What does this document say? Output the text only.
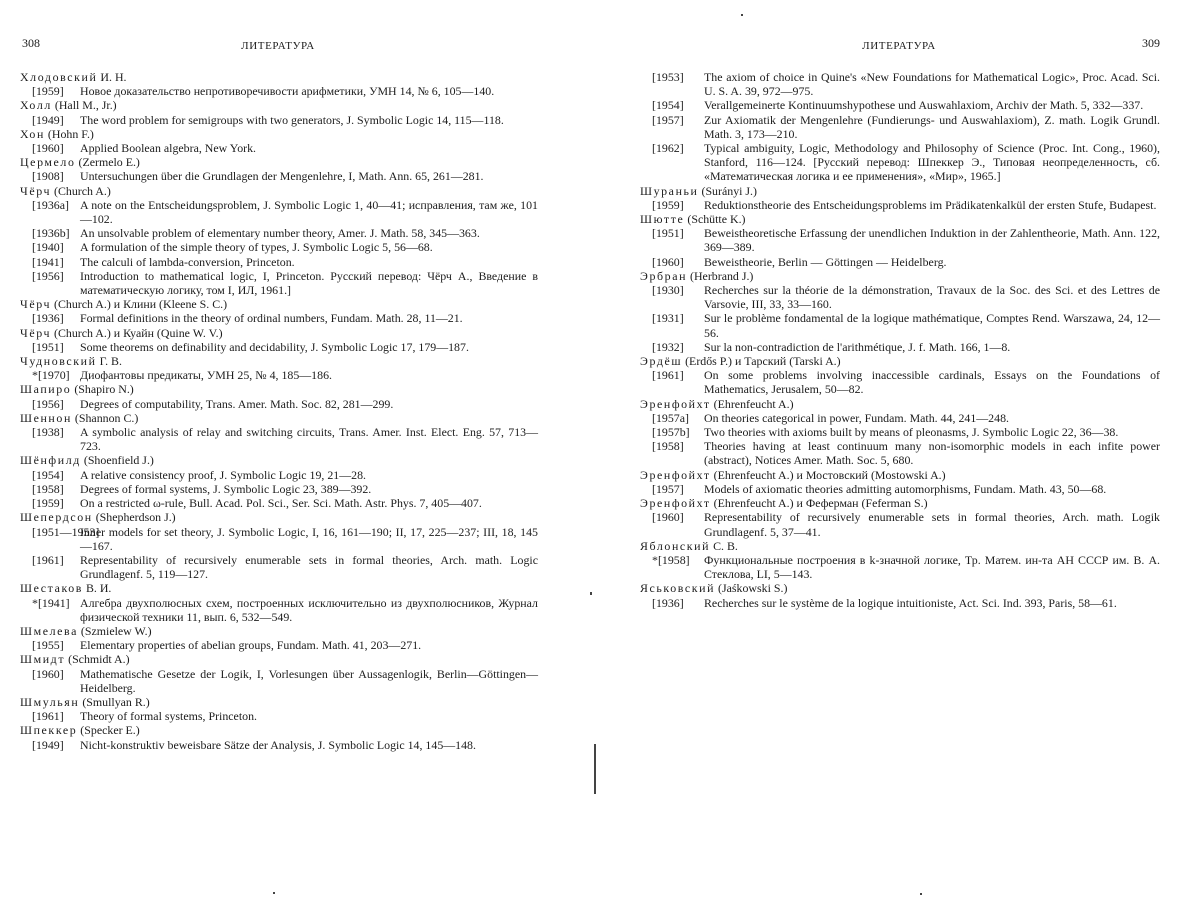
308	ЛИТЕРАТУРА
Хлодовский И. Н.
[1959]	Новое доказательство непротиворечивости арифметики, УМН 14, № 6, 105—140.
Холл (Hall M., Jr.)
[1949]	The word problem for semigroups with two generators, J. Symbolic Logic 14, 115—118.
Хон (Hohn F.)
[1960]	Applied Boolean algebra, New York.
Цермело (Zermelo E.)
[1908]	Untersuchungen über die Grundlagen der Mengenlehre, I, Math. Ann. 65, 261—281.
Чёрч (Church A.)
[1936a] A note on the Entscheidungsproblem, J. Symbolic Logic 1, 40—41; исправления, там же, 101—102.
[1936b] An unsolvable problem of elementary number theory, Amer. J. Math. 58, 345—363.
[1940]	A formulation of the simple theory of types, J. Symbolic Logic 5, 56—68.
[1941]	The calculi of lambda-conversion, Princeton.
[1956]	Introduction to mathematical logic, I, Princeton. Русский перевод: Чёрч А., Введение в математическую логику, том I, ИЛ, 1961.]
Чёрч (Church A.) и Клини (Kleene S. C.)
[1936]	Formal definitions in the theory of ordinal numbers, Fundam. Math. 28, 11—21.
Чёрч (Church A.) и Куайн (Quine W. V.)
[1951]	Some theorems on definability and decidability, J. Symbolic Logic 17, 179—187.
Чудновский Г. В.
*[1970] Диофантовы предикаты, УМН 25, № 4, 185—186.
Шапиро (Shapiro N.)
[1956]	Degrees of computability, Trans. Amer. Math. Soc. 82, 281—299.
Шеннон (Shannon C.)
[1938]	A symbolic analysis of relay and switching circuits, Trans. Amer. Inst. Elect. Eng. 57, 713—723.
Шёнфилд (Shoenfield J.)
[1954]	A relative consistency proof, J. Symbolic Logic 19, 21—28.
[1958]	Degrees of formal systems, J. Symbolic Logic 23, 389—392.
[1959]	On a restricted ω-rule, Bull. Acad. Pol. Sci., Ser. Sci. Math. Astr. Phys. 7, 405—407.
Шепердсон (Shepherdson J.)
[1951—1953]
Inner models for set theory, J. Symbolic Logic, I, 16, 161—190; II, 17, 225—237; III, 18, 145—167.
[1961]	Representability of recursively enumerable sets in formal theories, Arch. math. Logic Grundlagenf. 5, 119—127.
Шестаков В. И.
*[1941] Алгебра двухполюсных схем, построенных исключительно из двухполюсников, Журнал физической техники 11, вып. 6, 532—549.
Шмелева (Szmielew W.)
[1955]	Elementary properties of abelian groups, Fundam. Math. 41, 203—271.
Шмидт (Schmidt A.)
[1960]	Mathematische Gesetze der Logik, I, Vorlesungen über Aussagenlogik, Berlin—Göttingen—Heidelberg.
Шмульян (Smullyan R.)
[1961]	Theory of formal systems, Princeton.
Шпеккер (Specker E.)
[1949]	Nicht-konstruktiv beweisbare Sätze der Analysis, J. Symbolic Logic 14, 145—148.
ЛИТЕРАТУРА	309
[1953]	The axiom of choice in Quine's «New Foundations for Mathematical Logic», Proc. Acad. Sci. U. S. A. 39, 972—975.
[1954]	Verallgemeinerte Kontinuumshypothese und Auswahlaxiom, Archiv der Math. 5, 332—337.
[1957]	Zur Axiomatik der Mengenlehre (Fundierungs- und Auswahlaxiom), Z. math. Logik Grundl. Math. 3, 173—210.
[1962]	Typical ambiguity, Logic, Methodology and Philosophy of Science (Proc. Int. Cong., 1960), Stanford, 116—124. [Русский перевод: Шпеккер Э., Типовая неопределенность, сб. «Математическая логика и ее применения», «Мир», 1965.]
Шураньи (Surányi J.)
[1959]	Reduktionstheorie des Entscheidungsproblems im Prädikatenkalkül der ersten Stufe, Budapest.
Шютте (Schütte K.)
[1951]	Beweistheoretische Erfassung der unendlichen Induktion in der Zahlentheorie, Math. Ann. 122, 369—389.
[1960]	Beweistheorie, Berlin — Göttingen — Heidelberg.
Эрбран (Herbrand J.)
[1930]	Recherches sur la théorie de la démonstration, Travaux de la Soc. des Sci. et des Lettres de Varsovie, III, 33, 33—160.
[1931]	Sur le problème fondamental de la logique mathématique, Comptes Rend. Warszawa, 24, 12—56.
[1932]	Sur la non-contradiction de l'arithmétique, J. f. Math. 166, 1—8.
Эрдёш (Erdős P.) и Тарский (Tarski A.)
[1961]	On some problems involving inaccessible cardinals, Essays on the Foundations of Mathematics, Jerusalem, 50—82.
Эренфойхт (Ehrenfeucht A.)
[1957a]	On theories categorical in power, Fundam. Math. 44, 241—248.
[1957b]	Two theories with axioms built by means of pleonasms, J. Symbolic Logic 22, 36—38.
[1958]	Theories having at least continuum many non-isomorphic models in each infite power (abstract), Notices Amer. Math. Soc. 5, 680.
Эренфойхт (Ehrenfeucht A.) и Мостовский (Mostowski A.)
[1957]	Models of axiomatic theories admitting automorphisms, Fundam. Math. 43, 50—68.
Эренфойхт (Ehrenfeucht A.) и Феферман (Feferman S.)
[1960]	Representability of recursively enumerable sets in formal theories, Arch. math. Logik Grundlagenf. 5, 37—41.
Яблонский С. В.
*[1958]	Функциональные построения в k-значной логике, Тр. Матем. ин-та АН СССР им. В. А. Стеклова, LI, 5—143.
Яськовский (Jaśkowski S.)
[1936]	Recherches sur le système de la logique intuitioniste, Act. Sci. Ind. 393, Paris, 58—61.
